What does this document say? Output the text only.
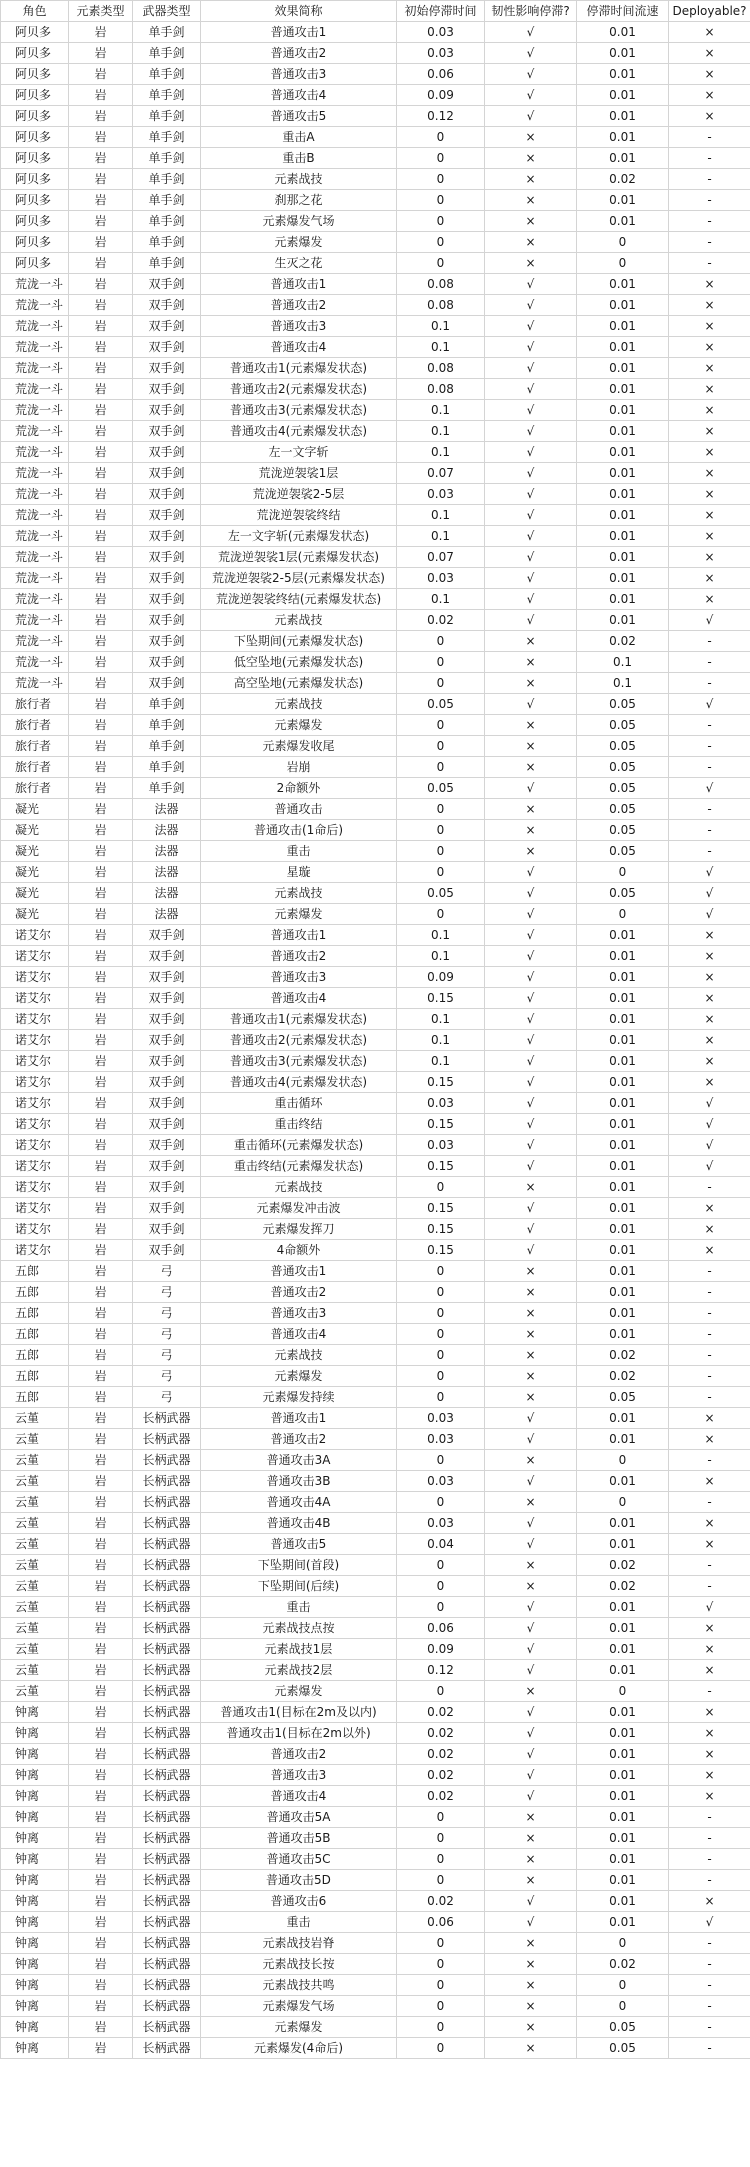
角色	元素类型	武器类型	效果简称	初始停滞时间	韧性影响停滞?	停滞时间流速	Deployable?
阿贝多	岩	单手剑	普通攻击1	0.03	√	0.01	×
阿贝多	岩	单手剑	普通攻击2	0.03	√	0.01	×
阿贝多	岩	单手剑	普通攻击3	0.06	√	0.01	×
阿贝多	岩	单手剑	普通攻击4	0.09	√	0.01	×
阿贝多	岩	单手剑	普通攻击5	0.12	√	0.01	×
阿贝多	岩	单手剑	重击A	0	×	0.01	-
阿贝多	岩	单手剑	重击B	0	×	0.01	-
阿贝多	岩	单手剑	元素战技	0	×	0.02	-
阿贝多	岩	单手剑	刹那之花	0	×	0.01	-
阿贝多	岩	单手剑	元素爆发气场	0	×	0.01	-
阿贝多	岩	单手剑	元素爆发	0	×	0	-
阿贝多	岩	单手剑	生灭之花	0	×	0	-
荒泷一斗	岩	双手剑	普通攻击1	0.08	√	0.01	×
荒泷一斗	岩	双手剑	普通攻击2	0.08	√	0.01	×
荒泷一斗	岩	双手剑	普通攻击3	0.1	√	0.01	×
荒泷一斗	岩	双手剑	普通攻击4	0.1	√	0.01	×
荒泷一斗	岩	双手剑	普通攻击1(元素爆发状态)	0.08	√	0.01	×
荒泷一斗	岩	双手剑	普通攻击2(元素爆发状态)	0.08	√	0.01	×
荒泷一斗	岩	双手剑	普通攻击3(元素爆发状态)	0.1	√	0.01	×
荒泷一斗	岩	双手剑	普通攻击4(元素爆发状态)	0.1	√	0.01	×
荒泷一斗	岩	双手剑	左一文字斩	0.1	√	0.01	×
荒泷一斗	岩	双手剑	荒泷逆袈裟1层	0.07	√	0.01	×
荒泷一斗	岩	双手剑	荒泷逆袈裟2-5层	0.03	√	0.01	×
荒泷一斗	岩	双手剑	荒泷逆袈裟终结	0.1	√	0.01	×
荒泷一斗	岩	双手剑	左一文字斩(元素爆发状态)	0.1	√	0.01	×
荒泷一斗	岩	双手剑	荒泷逆袈裟1层(元素爆发状态)	0.07	√	0.01	×
荒泷一斗	岩	双手剑	荒泷逆袈裟2-5层(元素爆发状态)	0.03	√	0.01	×
荒泷一斗	岩	双手剑	荒泷逆袈裟终结(元素爆发状态)	0.1	√	0.01	×
荒泷一斗	岩	双手剑	元素战技	0.02	√	0.01	√
荒泷一斗	岩	双手剑	下坠期间(元素爆发状态)	0	×	0.02	-
荒泷一斗	岩	双手剑	低空坠地(元素爆发状态)	0	×	0.1	-
荒泷一斗	岩	双手剑	高空坠地(元素爆发状态)	0	×	0.1	-
旅行者	岩	单手剑	元素战技	0.05	√	0.05	√
旅行者	岩	单手剑	元素爆发	0	×	0.05	-
旅行者	岩	单手剑	元素爆发收尾	0	×	0.05	-
旅行者	岩	单手剑	岩崩	0	×	0.05	-
旅行者	岩	单手剑	2命额外	0.05	√	0.05	√
凝光	岩	法器	普通攻击	0	×	0.05	-
凝光	岩	法器	普通攻击(1命后)	0	×	0.05	-
凝光	岩	法器	重击	0	×	0.05	-
凝光	岩	法器	星璇	0	√	0	√
凝光	岩	法器	元素战技	0.05	√	0.05	√
凝光	岩	法器	元素爆发	0	√	0	√
诺艾尔	岩	双手剑	普通攻击1	0.1	√	0.01	×
诺艾尔	岩	双手剑	普通攻击2	0.1	√	0.01	×
诺艾尔	岩	双手剑	普通攻击3	0.09	√	0.01	×
诺艾尔	岩	双手剑	普通攻击4	0.15	√	0.01	×
诺艾尔	岩	双手剑	普通攻击1(元素爆发状态)	0.1	√	0.01	×
诺艾尔	岩	双手剑	普通攻击2(元素爆发状态)	0.1	√	0.01	×
诺艾尔	岩	双手剑	普通攻击3(元素爆发状态)	0.1	√	0.01	×
诺艾尔	岩	双手剑	普通攻击4(元素爆发状态)	0.15	√	0.01	×
诺艾尔	岩	双手剑	重击循环	0.03	√	0.01	√
诺艾尔	岩	双手剑	重击终结	0.15	√	0.01	√
诺艾尔	岩	双手剑	重击循环(元素爆发状态)	0.03	√	0.01	√
诺艾尔	岩	双手剑	重击终结(元素爆发状态)	0.15	√	0.01	√
诺艾尔	岩	双手剑	元素战技	0	×	0.01	-
诺艾尔	岩	双手剑	元素爆发冲击波	0.15	√	0.01	×
诺艾尔	岩	双手剑	元素爆发挥刀	0.15	√	0.01	×
诺艾尔	岩	双手剑	4命额外	0.15	√	0.01	×
五郎	岩	弓	普通攻击1	0	×	0.01	-
五郎	岩	弓	普通攻击2	0	×	0.01	-
五郎	岩	弓	普通攻击3	0	×	0.01	-
五郎	岩	弓	普通攻击4	0	×	0.01	-
五郎	岩	弓	元素战技	0	×	0.02	-
五郎	岩	弓	元素爆发	0	×	0.02	-
五郎	岩	弓	元素爆发持续	0	×	0.05	-
云堇	岩	长柄武器	普通攻击1	0.03	√	0.01	×
云堇	岩	长柄武器	普通攻击2	0.03	√	0.01	×
云堇	岩	长柄武器	普通攻击3A	0	×	0	-
云堇	岩	长柄武器	普通攻击3B	0.03	√	0.01	×
云堇	岩	长柄武器	普通攻击4A	0	×	0	-
云堇	岩	长柄武器	普通攻击4B	0.03	√	0.01	×
云堇	岩	长柄武器	普通攻击5	0.04	√	0.01	×
云堇	岩	长柄武器	下坠期间(首段)	0	×	0.02	-
云堇	岩	长柄武器	下坠期间(后续)	0	×	0.02	-
云堇	岩	长柄武器	重击	0	√	0.01	√
云堇	岩	长柄武器	元素战技点按	0.06	√	0.01	×
云堇	岩	长柄武器	元素战技1层	0.09	√	0.01	×
云堇	岩	长柄武器	元素战技2层	0.12	√	0.01	×
云堇	岩	长柄武器	元素爆发	0	×	0	-
钟离	岩	长柄武器	普通攻击1(目标在2m及以内)	0.02	√	0.01	×
钟离	岩	长柄武器	普通攻击1(目标在2m以外)	0.02	√	0.01	×
钟离	岩	长柄武器	普通攻击2	0.02	√	0.01	×
钟离	岩	长柄武器	普通攻击3	0.02	√	0.01	×
钟离	岩	长柄武器	普通攻击4	0.02	√	0.01	×
钟离	岩	长柄武器	普通攻击5A	0	×	0.01	-
钟离	岩	长柄武器	普通攻击5B	0	×	0.01	-
钟离	岩	长柄武器	普通攻击5C	0	×	0.01	-
钟离	岩	长柄武器	普通攻击5D	0	×	0.01	-
钟离	岩	长柄武器	普通攻击6	0.02	√	0.01	×
钟离	岩	长柄武器	重击	0.06	√	0.01	√
钟离	岩	长柄武器	元素战技岩脊	0	×	0	-
钟离	岩	长柄武器	元素战技长按	0	×	0.02	-
钟离	岩	长柄武器	元素战技共鸣	0	×	0	-
钟离	岩	长柄武器	元素爆发气场	0	×	0	-
钟离	岩	长柄武器	元素爆发	0	×	0.05	-
钟离	岩	长柄武器	元素爆发(4命后)	0	×	0.05	-
